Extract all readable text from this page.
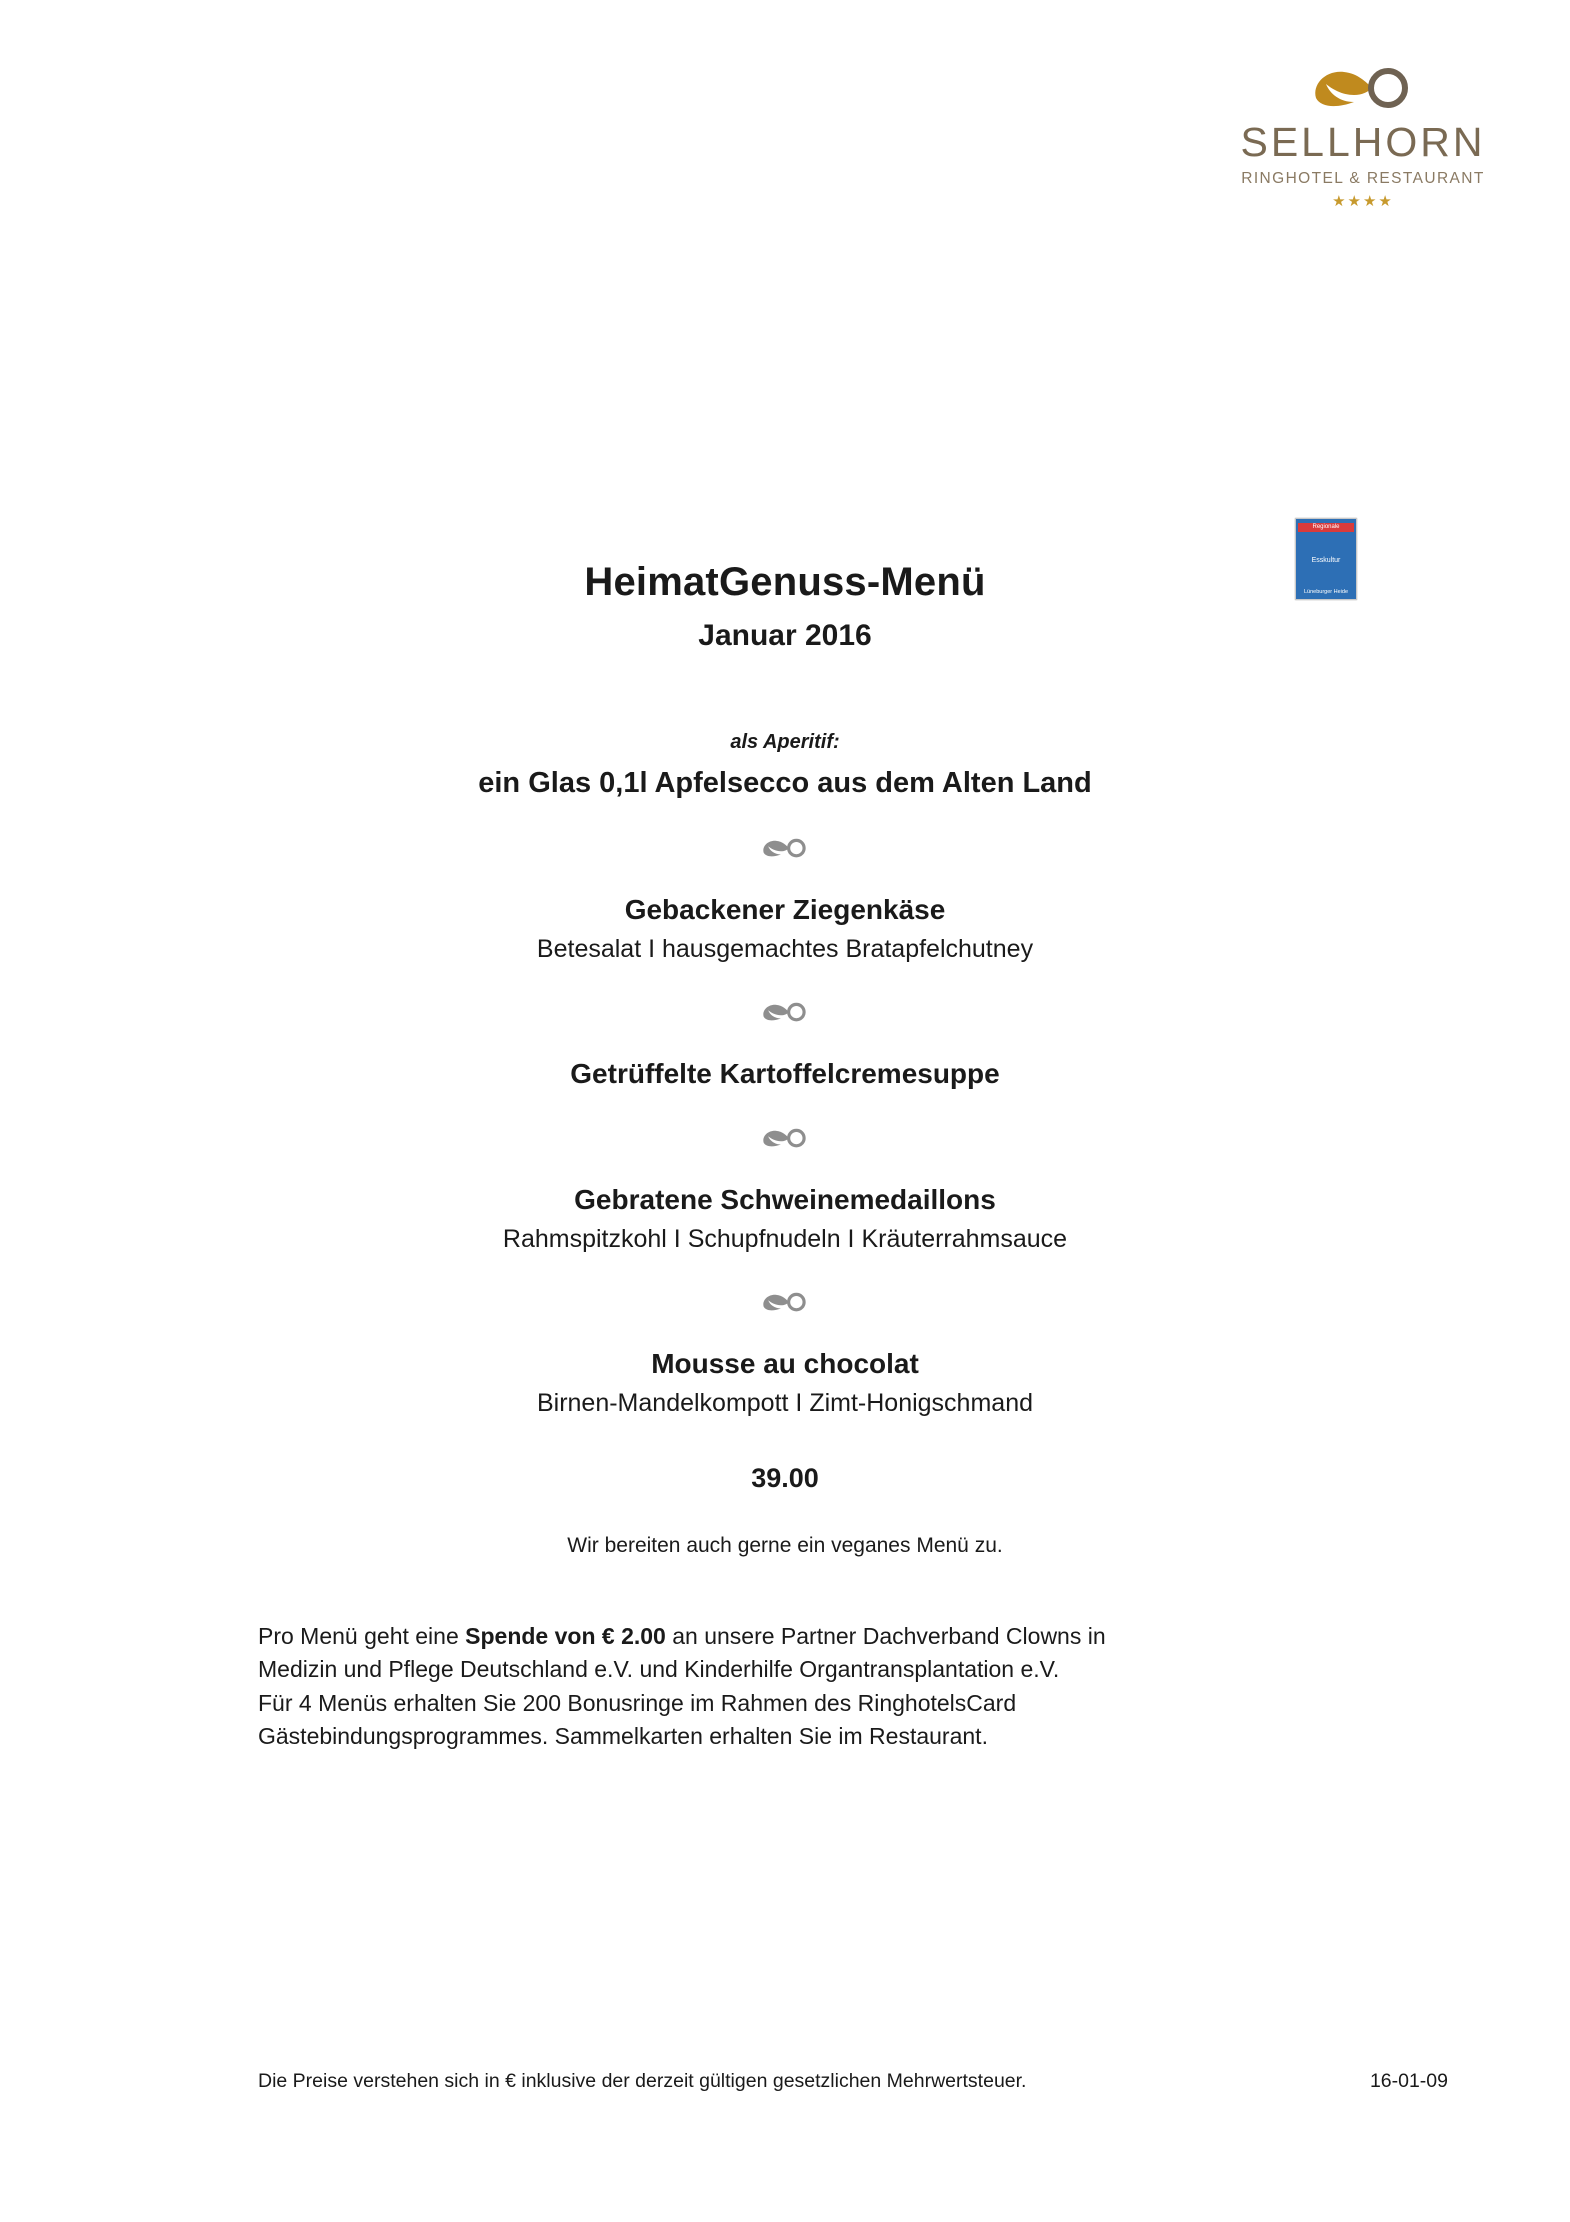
SELLHORN
RINGHOTEL & RESTAURANT
★★★★
Regionale
Esskultur
Lüneburger Heide
HeimatGenuss-Menü
Januar 2016
als Aperitif:
ein Glas 0,1l Apfelsecco aus dem Alten Land
Gebackener Ziegenkäse
Betesalat I hausgemachtes Bratapfelchutney
Getrüffelte Kartoffelcremesuppe
Gebratene Schweinemedaillons
Rahmspitzkohl I Schupfnudeln I Kräuterrahmsauce
Mousse au chocolat
Birnen-Mandelkompott I Zimt-Honigschmand
39.00
Wir bereiten auch gerne ein veganes Menü zu.
Pro Menü geht eine Spende von € 2.00 an unsere Partner Dachverband Clowns in
Medizin und Pflege Deutschland e.V. und Kinderhilfe Organtransplantation e.V.
Für 4 Menüs erhalten Sie 200 Bonusringe im Rahmen des RinghotelsCard
Gästebindungsprogrammes. Sammelkarten erhalten Sie im Restaurant.
Die Preise verstehen sich in € inklusive der derzeit gültigen gesetzlichen Mehrwertsteuer.	16-01-09
